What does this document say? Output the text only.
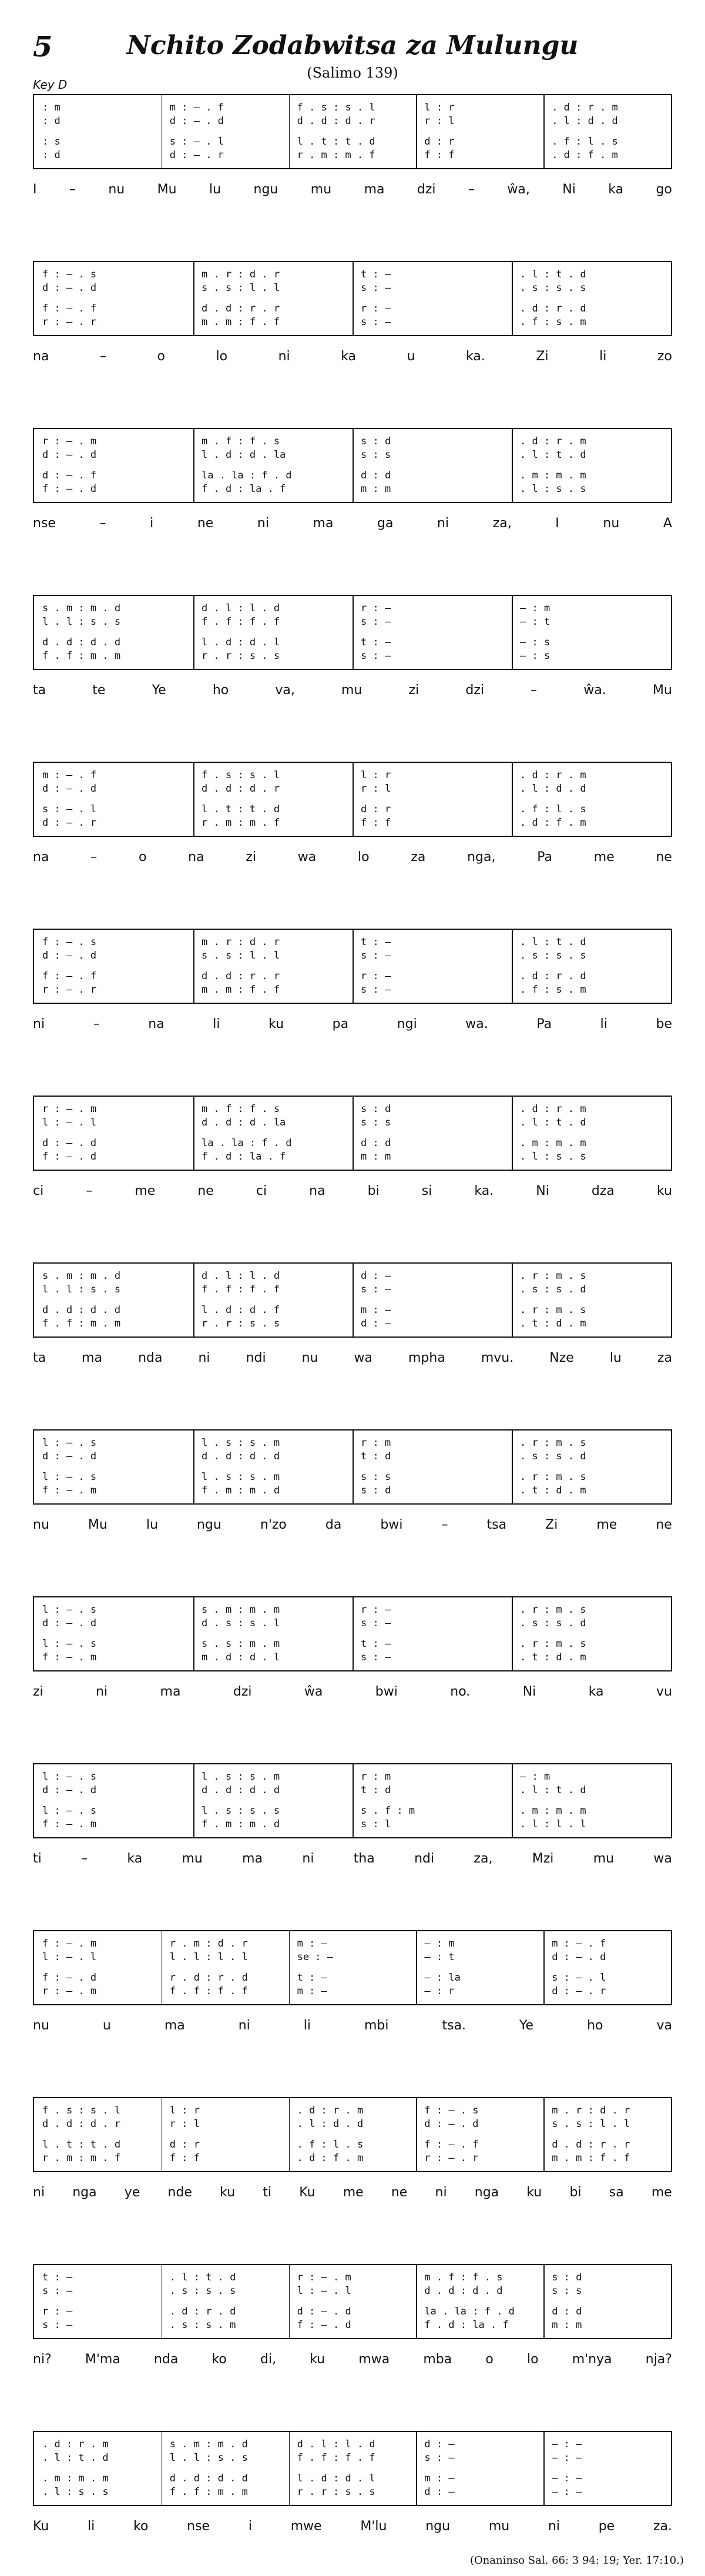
5	Nchito Zodabwitsa za Mulungu
(Salimo 139)
Key D
: m	m : – . f	f . s : s . l	l : r	. d : r . m
: d	d : – . d	d . d : d . r	r : l	. l : d . d
: s	s : – . l	l . t : t . d	d : r	. f : l . s
: d	d : – . r	r . m : m . f	f : f	. d : f . m
I	–	nu	Mu	lu	ngu	mu	ma	dzi	–	ŵa,	Ni	ka	go
f : – . s	m . r : d . r	t : —	. l : t . d
d : – . d	s . s : l . l	s : —	. s : s . s
f : – . f	d . d : r . r	r : —	. d : r . d
r : – . r	m . m : f . f	s : —	. f : s . m
na	–	o	lo	ni	ka	u	ka.	Zi	li	zo
r : – . m	m . f : f . s	s : d	. d : r . m
d : – . d	l . d : d . la	s : s	. l : t . d
d : – . f	la . la : f . d	d : d	. m : m . m
f : – . d	f . d : la . f	m : m	. l : s . s
nse	–	i	ne	ni	ma	ga	ni	za,	I	nu	A
s . m : m . d	d . l : l . d	r : —	— : m
l . l : s . s	f . f : f . f	s : —	— : t
d . d : d . d	l . d : d . l	t : —	— : s
f . f : m . m	r . r : s . s	s : —	— : s
ta	te	Ye	ho	va,	mu	zi	dzi	–	ŵa.	Mu
m : – . f	f . s : s . l	l : r	. d : r . m
d : – . d	d . d : d . r	r : l	. l : d . d
s : – . l	l . t : t . d	d : r	. f : l . s
d : – . r	r . m : m . f	f : f	. d : f . m
na	–	o	na	zi	wa	lo	za	nga,	Pa	me	ne
f : – . s	m . r : d . r	t : —	. l : t . d
d : – . d	s . s : l . l	s : —	. s : s . s
f : – . f	d . d : r . r	r : —	. d : r . d
r : – . r	m . m : f . f	s : —	. f : s . m
ni	–	na	li	ku	pa	ngi	wa.	Pa	li	be
r : – . m	m . f : f . s	s : d	. d : r . m
l : – . l	d . d : d . la	s : s	. l : t . d
d : – . d	la . la : f . d	d : d	. m : m . m
f : – . d	f . d : la . f	m : m	. l : s . s
ci	–	me	ne	ci	na	bi	si	ka.	Ni	dza	ku
s . m : m . d	d . l : l . d	d : —	. r : m . s
l . l : s . s	f . f : f . f	s : —	. s : s . d
d . d : d . d	l . d : d . f	m : —	. r : m . s
f . f : m . m	r . r : s . s	d : —	. t : d . m
ta	ma	nda	ni	ndi	nu	wa	mpha	mvu.	Nze	lu	za
l : – . s	l . s : s . m	r : m	. r : m . s
d : – . d	d . d : d . d	t : d	. s : s . d
l : – . s	l . s : s . m	s : s	. r : m . s
f : – . m	f . m : m . d	s : d	. t : d . m
nu	Mu	lu	ngu	n'zo	da	bwi	–	tsa	Zi	me	ne
l : – . s	s . m : m . m	r : —	. r : m . s
d : – . d	d . s : s . l	s : —	. s : s . d
l : – . s	s . s : m . m	t : —	. r : m . s
f : – . m	m . d : d . l	s : —	. t : d . m
zi	ni	ma	dzi	ŵa	bwi	no.	Ni	ka	vu
l : – . s	l . s : s . m	r : m	— : m
d : – . d	d . d : d . d	t : d	. l : t . d
l : – . s	l . s : s . s	s . f : m	. m : m . m
f : – . m	f . m : m . d	s : l	. l : l . l
ti	–	ka	mu	ma	ni	tha	ndi	za,	Mzi	mu	wa
f : – . m	r . m : d . r	m : —	— : m	m : – . f
l : – . l	l . l : l . l	se : —	— : t	d : – . d
f : – . d	r . d : r . d	t : —	— : la	s : – . l
r : – . m	f . f : f . f	m : —	— : r	d : – . r
nu	u	ma	ni	li	mbi	tsa.	Ye	ho	va
f . s : s . l	l : r	. d : r . m	f : – . s	m . r : d . r
d . d : d . r	r : l	. l : d . d	d : – . d	s . s : l . l
l . t : t . d	d : r	. f : l . s	f : – . f	d . d : r . r
r . m : m . f	f : f	. d : f . m	r : – . r	m . m : f . f
ni nga ye nde ku ti Ku me ne ni nga ku bi sa me
t : —	. l : t . d	r : – . m	m . f : f . s	s : d
s : —	. s : s . s	l : – . l	d . d : d . d	s : s
r : —	. d : r . d	d : – . d	la . la : f . d	d : d
s : —	. s : s . m	f : – . d	f . d : la . f	m : m
ni?	M'ma	nda	ko	di,	ku	mwa	mba	o	lo	m'nya	nja?
. d : r . m	s . m : m . d	d . l : l . d	d : —	— : —
. l : t . d	l . l : s . s	f . f : f . f	s : —	— : —
. m : m . m	d . d : d . d	l . d : d . l	m : —	— : —
. l : s . s	f . f : m . m	r . r : s . s	d : —	— : —
Ku	li	ko	nse	i	mwe	M'lu	ngu	mu	ni	pe	za.
(Onaninso Sal. 66: 3 94: 19; Yer. 17:10.)
